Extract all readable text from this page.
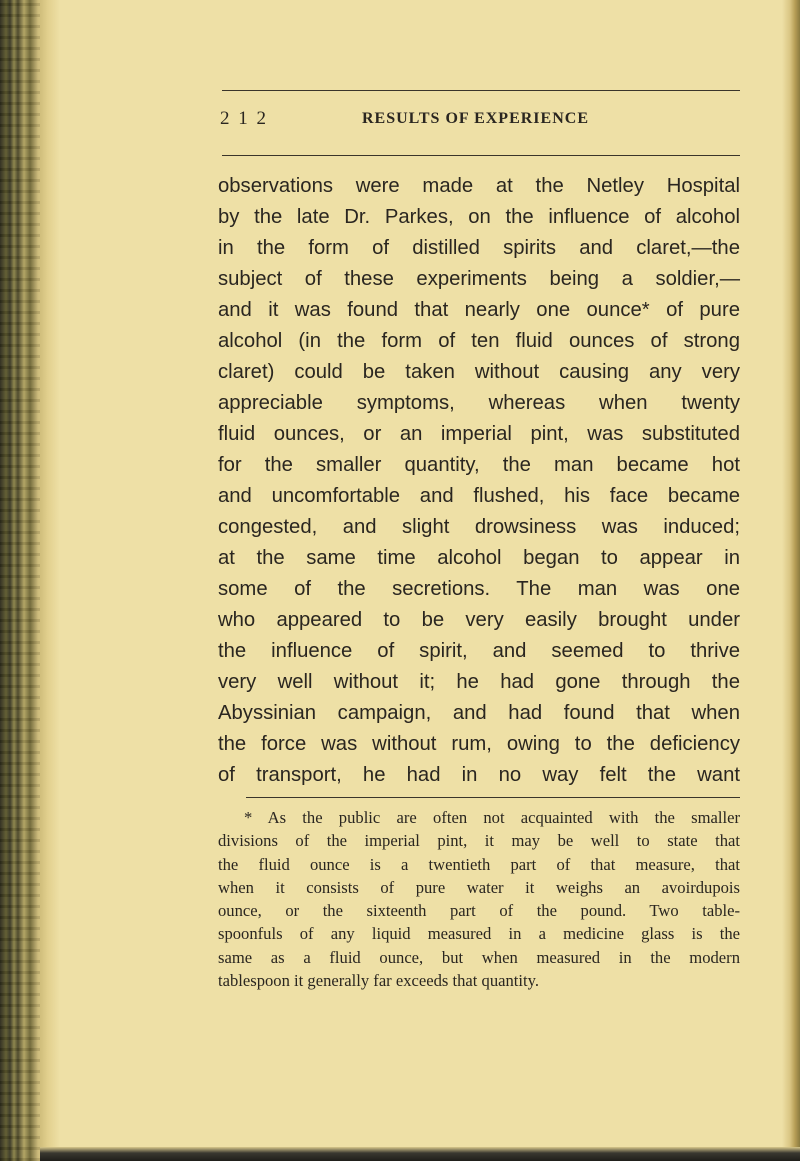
2 1 2	RESULTS OF EXPERIENCE
observations were made at the Netley Hospital
by the late Dr. Parkes, on the influence of alcohol
in the form of distilled spirits and claret,—the
subject of these experiments being a soldier,—
and it was found that nearly one ounce* of pure
alcohol (in the form of ten fluid ounces of strong
claret) could be taken without causing any very
appreciable symptoms, whereas when twenty
fluid ounces, or an imperial pint, was substituted
for the smaller quantity, the man became hot
and uncomfortable and flushed, his face became
congested, and slight drowsiness was induced;
at the same time alcohol began to appear in
some of the secretions. The man was one
who appeared to be very easily brought under
the influence of spirit, and seemed to thrive
very well without it; he had gone through the
Abyssinian campaign, and had found that when
the force was without rum, owing to the deficiency
of transport, he had in no way felt the want
* As the public are often not acquainted with the smaller
divisions of the imperial pint, it may be well to state that
the fluid ounce is a twentieth part of that measure, that
when it consists of pure water it weighs an avoirdupois
ounce, or the sixteenth part of the pound. Two table-
spoonfuls of any liquid measured in a medicine glass is the
same as a fluid ounce, but when measured in the modern
tablespoon it generally far exceeds that quantity.
